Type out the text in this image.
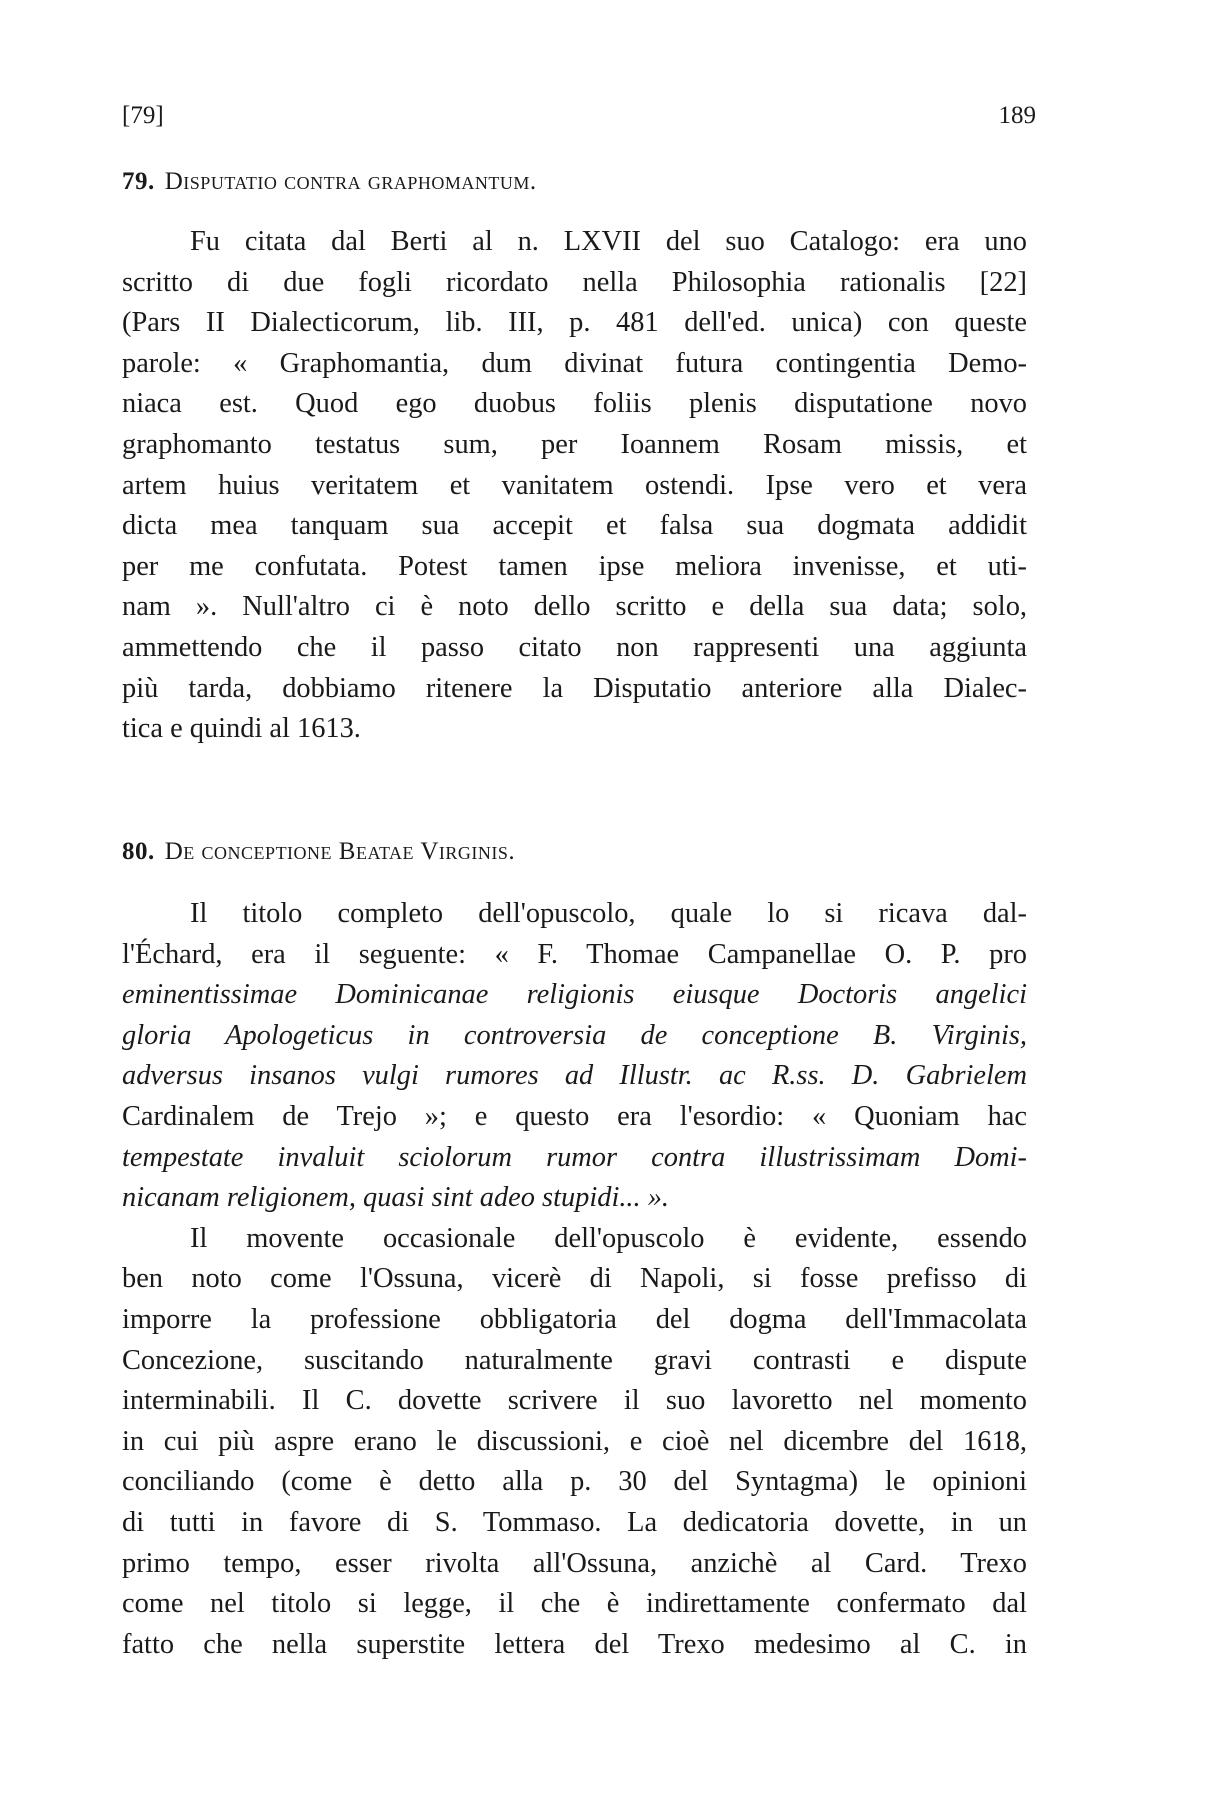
[79]	189
79. Disputatio contra graphomantum.
Fu citata dal Berti al n. LXVII del suo Catalogo: era uno
scritto di due fogli ricordato nella Philosophia rationalis [22]
(Pars II Dialecticorum, lib. III, p. 481 dell'ed. unica) con queste
parole: « Graphomantia, dum divinat futura contingentia Demo-
niaca est. Quod ego duobus foliis plenis disputatione novo
graphomanto testatus sum, per Ioannem Rosam missis, et
artem huius veritatem et vanitatem ostendi. Ipse vero et vera
dicta mea tanquam sua accepit et falsa sua dogmata addidit
per me confutata. Potest tamen ipse meliora invenisse, et uti-
nam ». Null'altro ci è noto dello scritto e della sua data; solo,
ammettendo che il passo citato non rappresenti una aggiunta
più tarda, dobbiamo ritenere la Disputatio anteriore alla Dialec-
tica e quindi al 1613.
80. De conceptione Beatae Virginis.
Il titolo completo dell'opuscolo, quale lo si ricava dal-
l'Échard, era il seguente: « F. Thomae Campanellae O. P. pro
eminentissimae Dominicanae religionis eiusque Doctoris angelici
gloria Apologeticus in controversia de conceptione B. Virginis,
adversus insanos vulgi rumores ad Illustr. ac R.ss. D. Gabrielem
Cardinalem de Trejo »; e questo era l'esordio: « Quoniam hac
tempestate invaluit sciolorum rumor contra illustrissimam Domi-
nicanam religionem, quasi sint adeo stupidi... ».
Il movente occasionale dell'opuscolo è evidente, essendo
ben noto come l'Ossuna, vicerè di Napoli, si fosse prefisso di
imporre la professione obbligatoria del dogma dell'Immacolata
Concezione, suscitando naturalmente gravi contrasti e dispute
interminabili. Il C. dovette scrivere il suo lavoretto nel momento
in cui più aspre erano le discussioni, e cioè nel dicembre del 1618,
conciliando (come è detto alla p. 30 del Syntagma) le opinioni
di tutti in favore di S. Tommaso. La dedicatoria dovette, in un
primo tempo, esser rivolta all'Ossuna, anzichè al Card. Trexo
come nel titolo si legge, il che è indirettamente confermato dal
fatto che nella superstite lettera del Trexo medesimo al C. in
